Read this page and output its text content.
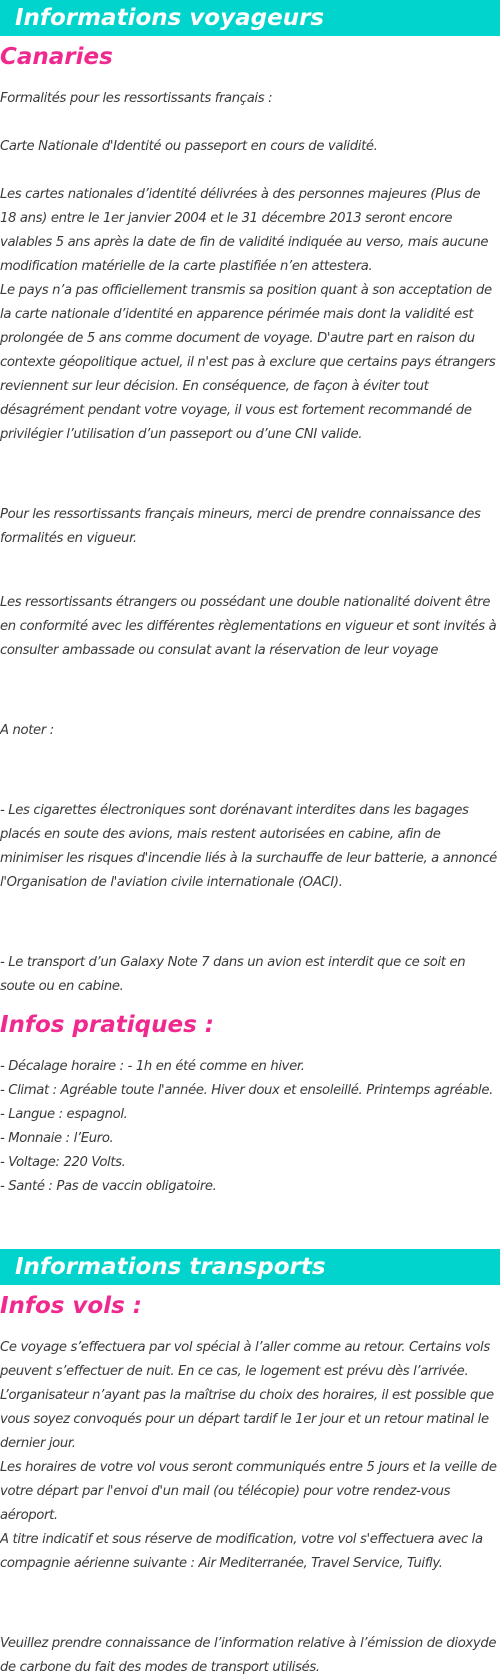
Informations voyageurs
Canaries

Formalités pour les ressortissants français :

Carte Nationale d'Identité ou passeport en cours de validité.

Les cartes nationales d’identité délivrées à des personnes majeures (Plus de 18 ans) entre le 1er janvier 2004 et le 31 décembre 2013 seront encore valables 5 ans après la date de fin de validité indiquée au verso, mais aucune modification matérielle de la carte plastifiée n’en attestera.

Le pays n’a pas officiellement transmis sa position quant à son acceptation de la carte nationale d’identité en apparence périmée mais dont la validité est prolongée de 5 ans comme document de voyage. D'autre part en raison du contexte géopolitique actuel, il n'est pas à exclure que certains pays étrangers reviennent sur leur décision. En conséquence, de façon à éviter tout désagrément pendant votre voyage, il vous est fortement recommandé de privilégier l’utilisation d’un passeport ou d’une CNI valide.

Pour les ressortissants français mineurs, merci de prendre connaissance des formalités en vigueur.

Les ressortissants étrangers ou possédant une double nationalité doivent être en conformité avec les différentes règlementations en vigueur et sont invités à consulter ambassade ou consulat avant la réservation de leur voyage

A noter :

- Les cigarettes électroniques sont dorénavant interdites dans les bagages placés en soute des avions, mais restent autorisées en cabine, afin de minimiser les risques d'incendie liés à la surchauffe de leur batterie, a annoncé l'Organisation de l'aviation civile internationale (OACI).

- Le transport d’un Galaxy Note 7 dans un avion est interdit que ce soit en soute ou en cabine.

Infos pratiques :

- Décalage horaire : - 1h en été comme en hiver.

- Climat : Agréable toute l'année. Hiver doux et ensoleillé. Printemps agréable.

- Langue : espagnol.

- Monnaie : l’Euro.

- Voltage: 220 Volts.

- Santé : Pas de vaccin obligatoire.

Informations transports
Infos vols :

Ce voyage s’effectuera par vol spécial à l’aller comme au retour. Certains vols peuvent s’effectuer de nuit. En ce cas, le logement est prévu dès l’arrivée.

L’organisateur n’ayant pas la maîtrise du choix des horaires, il est possible que vous soyez convoqués pour un départ tardif le 1er jour et un retour matinal le dernier jour.

Les horaires de votre vol vous seront communiqués entre 5 jours et la veille de votre départ par l'envoi d'un mail (ou télécopie) pour votre rendez-vous aéroport.

A titre indicatif et sous réserve de modification, votre vol s'effectuera avec la compagnie aérienne suivante : Air Mediterranée, Travel Service, Tuifly.

Veuillez prendre connaissance de l’information relative à l’émission de dioxyde de carbone du fait des modes de transport utilisés.
